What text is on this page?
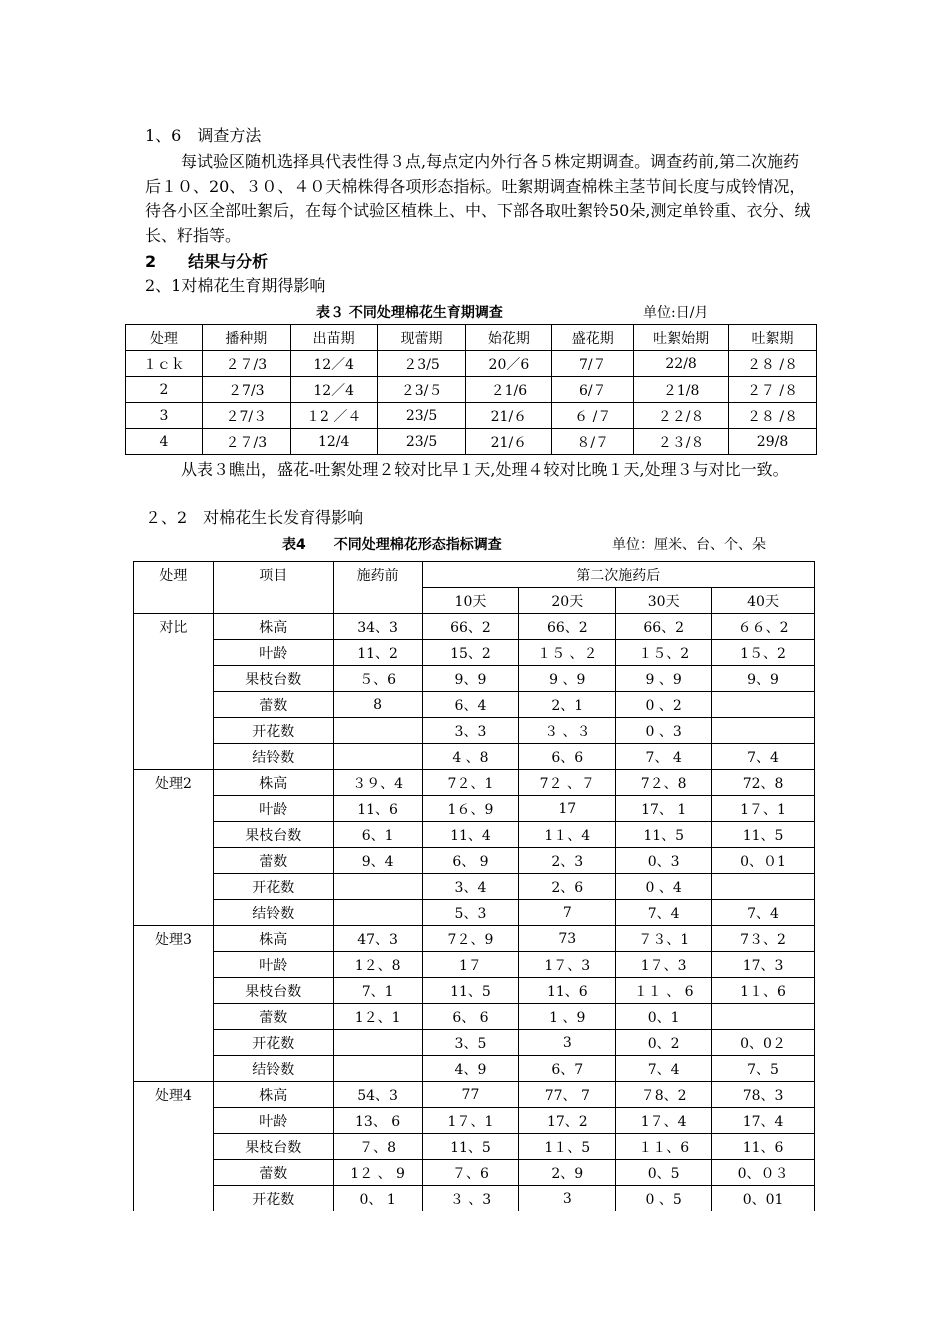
1、6　调查方法
每试验区随机选择具代表性得３点,每点定内外行各５株定期调查。调查药前,第二次施药后１０、20、３０、４０天棉株得各项形态指标。吐絮期调查棉株主茎节间长度与成铃情况，待各小区全部吐絮后，在每个试验区植株上、中、下部各取吐絮铃50朵,测定单铃重、衣分、绒长、籽指等。
2　　结果与分析
2、1对棉花生育期得影响
表３ 不同处理棉花生育期调查	单位:日/月
处理	播种期	出苗期	现蕾期	始花期	盛花期	吐絮始期	吐絮期
１ｃｋ	２７/3	12／4	２3/5	20／6	7/７	22/8	２８ /８
2	２7/3	12／4	２3/５	２1/6	6/７	２1/8	２７ /８
3	２7/３	１2 ／４	23/5	21/６	６ /７	２２/８	２８ /８
4	２７/3	12/4	23/5	21/６	８/７	２３/８	29/8
从表３瞧出，盛花-吐絮处理２较对比早１天,处理４较对比晚１天,处理３与对比一致。
２、2　对棉花生长发育得影响
表4　　不同处理棉花形态指标调查	单位：厘米、台、个、朵
处理	项目	施药前	第二次施药后			
			10天	20天	30天	40天
对比	株高	34、3	66、2	66、2	66、2	６６、2
	叶龄	11、2	15、2	１５ 、２	１５、2	1５、2
	果枝台数	５、6	9、9	9 、9	9 、9	9、9
	蕾数	8	6、4	2、1	0 、2	
	开花数		3、3	３ 、３	0 、3	
	结铃数		4 、8	6、6	7、 4	7、4
处理2	株高	３９、4	7２、1	7２ 、７	7２、8	72、8
	叶龄	11、6	1６、9	17	17、 1	1７、1
	果枝台数	6、1	11、4	1１、4	11、5	11、5
	蕾数	9、4	6、 9	2、3	0、3	0、０1
	开花数		3、4	2、6	0 、4	
	结铃数		5、3	7	7、4	7、4
处理3	株高	47、3	7２、9	73	７３、1	7３、2
	叶龄	1２、8	1７	1７、3	1７、3	17、3
	果枝台数	7、1	11、5	11、6	１１ 、 6	1１、6
	蕾数	1２、1	6、 6	1 、9	0、1	
	开花数		3、5	3	0、2	0、0２
	结铃数		4、9	6、7	7、4	7、5
处理4	株高	54、3	77	77、 7	７8、2	78、3
	叶龄	13、 6	1７、1	17、2	1７、4	17、4
	果枝台数	７、8	11、5	1１、5	１１、6	11、6
	蕾数	1２ 、 9	７、6	2、9	0、5	0、０３
	开花数	0、 1	３ 、3	3	0 、5	0、01
